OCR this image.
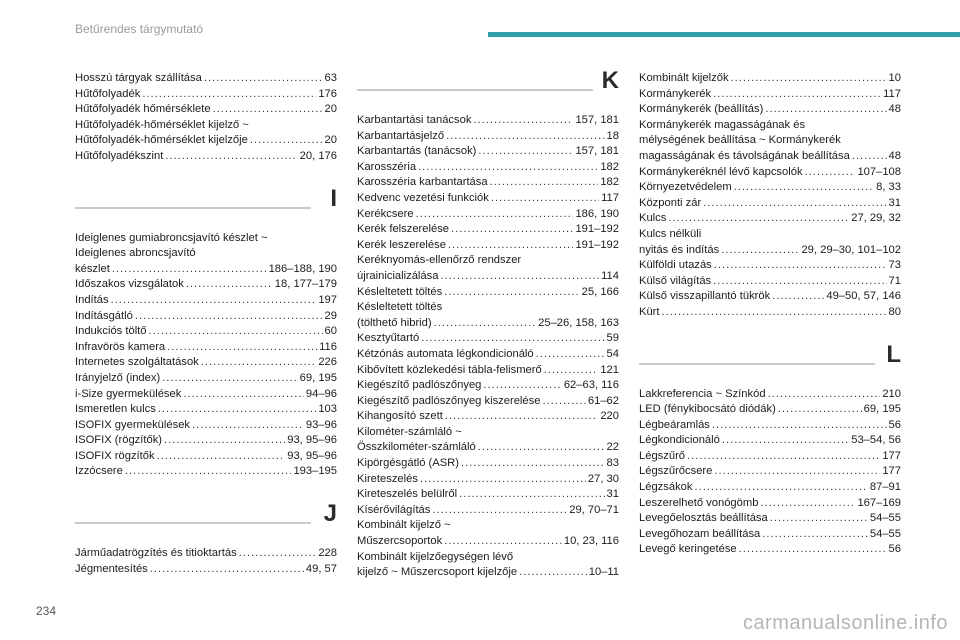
Betűrendes tárgymutató
Hosszú tárgyak szállítása .....	63
Hűtőfolyadék .....	176
Hűtőfolyadék hőmérséklete .....	20
Hűtőfolyadék-hőmérséklet kijelző ~
Hűtőfolyadék-hőmérséklet kijelzője .....	20
Hűtőfolyadékszint .....	20, 176
I
Ideiglenes gumiabroncsjavító készlet ~
Ideiglenes abroncsjavító
készlet .....	186–188, 190
Időszakos vizsgálatok .....	18, 177–179
Indítás .....	197
Indításgátló .....	29
Indukciós töltő .....	60
Infravörös kamera .....	116
Internetes szolgáltatások .....	226
Irányjelző (index) .....	69, 195
i-Size gyermekülések .....	94–96
Ismeretlen kulcs .....	103
ISOFIX gyermekülések .....	93–96
ISOFIX (rögzítők) .....	93, 95–96
ISOFIX rögzítők .....	93, 95–96
Izzócsere .....	193–195
J
Járműadatrögzítés és titioktartás .....	228
Jégmentesítés .....	49, 57
K
Karbantartási tanácsok .....	157, 181
Karbantartásjelző .....	18
Karbantartás (tanácsok) .....	157, 181
Karosszéria .....	182
Karosszéria karbantartása .....	182
Kedvenc vezetési funkciók .....	117
Kerékcsere .....	186, 190
Kerék felszerelése .....	191–192
Kerék leszerelése .....	191–192
Keréknyomás-ellenőrző rendszer
újrainicializálása .....	114
Késleltetett töltés .....	25, 166
Késleltetett töltés
(tölthető hibrid) .....	25–26, 158, 163
Kesztyűtartó .....	59
Kétzónás automata légkondicionáló .....	54
Kibővített közlekedési tábla-felismerő .....	121
Kiegészítő padlószőnyeg .....	62–63, 116
Kiegészítő padlószőnyeg kiszerelése .....	61–62
Kihangosító szett .....	220
Kilométer-számláló ~
Összkilométer-számláló .....	22
Kipörgésgátló (ASR) .....	83
Kireteszelés .....	27, 30
Kireteszelés belülről .....	31
Kísérővilágítás .....	29, 70–71
Kombinált kijelző ~
Műszercsoportok .....	10, 23, 116
Kombinált kijelzőegységen lévő
kijelző ~ Műszercsoport kijelzője .....	10–11
Kombinált kijelzők .....	10
Kormánykerék .....	117
Kormánykerék (beállítás) .....	48
Kormánykerék magasságának és
mélységének beállítása ~ Kormánykerék
magasságának és távolságának beállítása .....	48
Kormánykeréknél lévő kapcsolók .....	107–108
Környezetvédelem .....	8, 33
Központi zár .....	31
Kulcs .....	27, 29, 32
Kulcs nélküli
nyitás és indítás .....	29, 29–30, 101–102
Külföldi utazás .....	73
Külső világítás .....	71
Külső visszapillantó tükrök .....	49–50, 57, 146
Kürt .....	80
L
Lakkreferencia ~ Színkód .....	210
LED (fénykibocsátó diódák) .....	69, 195
Légbeáramlás .....	56
Légkondicionáló .....	53–54, 56
Légszűrő .....	177
Légszűrőcsere .....	177
Légzsákok .....	87–91
Leszerelhető vonógömb .....	167–169
Levegőelosztás beállítása .....	54–55
Levegőhozam beállítása .....	54–55
Levegő keringetése .....	56
234
carmanualsonline.info
